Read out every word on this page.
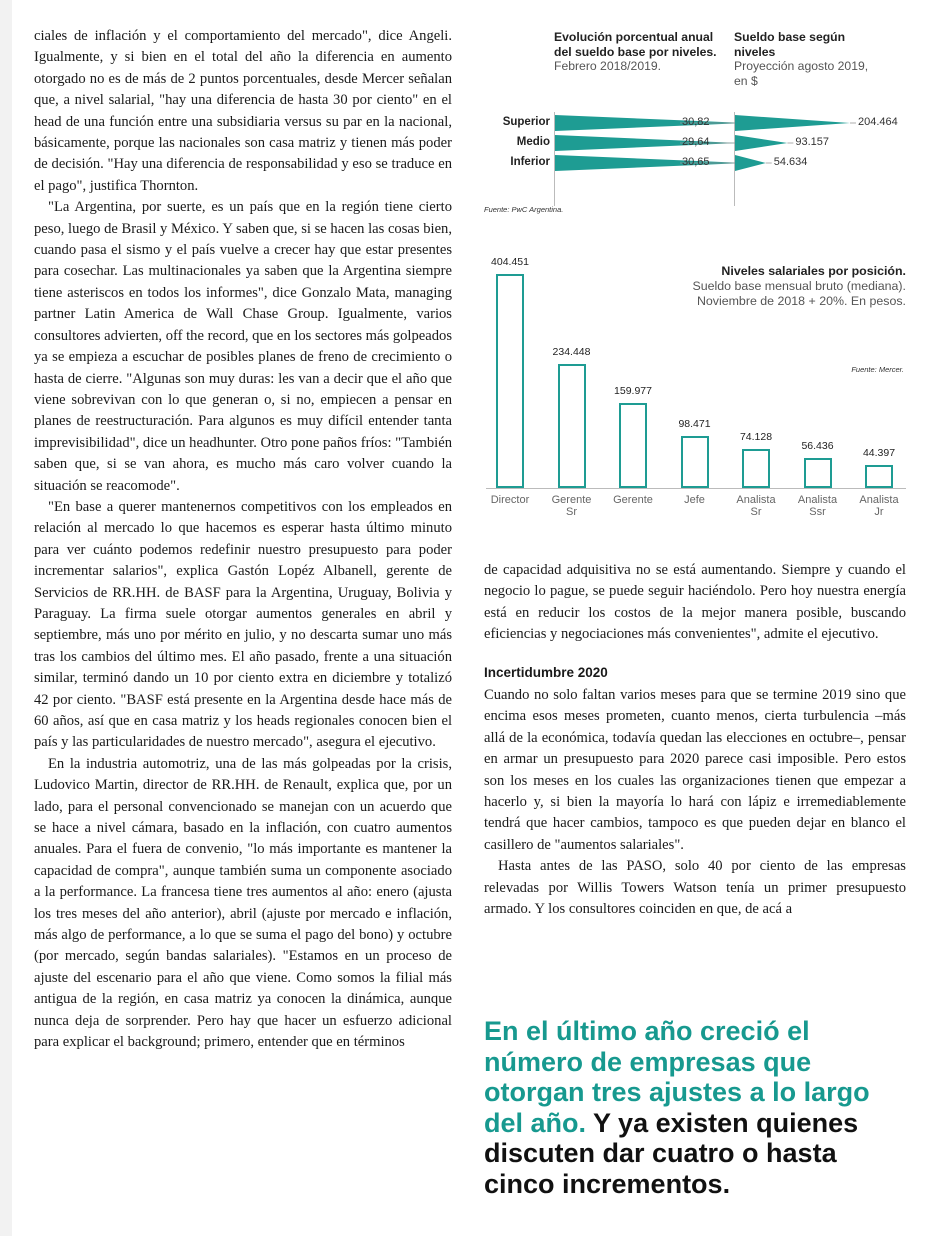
ciales de inflación y el comportamiento del mercado", dice Angeli. Igualmente, y si bien en el total del año la diferencia en aumento otorgado no es de más de 2 puntos porcentuales, desde Mercer señalan que, a nivel salarial, "hay una diferencia de hasta 30 por ciento" en el head de una función entre una subsidiaria versus su par en la nacional, básicamente, porque las nacionales son casa matriz y tienen más poder de decisión. "Hay una diferencia de responsabilidad y eso se traduce en el pago", justifica Thornton.

"La Argentina, por suerte, es un país que en la región tiene cierto peso, luego de Brasil y México. Y saben que, si se hacen las cosas bien, cuando pasa el sismo y el país vuelve a crecer hay que estar presentes para cosechar. Las multinacionales ya saben que la Argentina siempre tiene asteriscos en todos los informes", dice Gonzalo Mata, managing partner Latin America de Wall Chase Group. Igualmente, varios consultores advierten, off the record, que en los sectores más golpeados ya se empieza a escuchar de posibles planes de freno de crecimiento o hasta de cierre. "Algunas son muy duras: les van a decir que el año que viene sobrevivan con lo que generan o, si no, empiecen a pensar en planes de reestructuración. Para algunos es muy difícil entender tanta imprevisibilidad", dice un headhunter. Otro pone paños fríos: "También saben que, si se van ahora, es mucho más caro volver cuando la situación se reacomode".

"En base a querer mantenernos competitivos con los empleados en relación al mercado lo que hacemos es esperar hasta último minuto para ver cuánto podemos redefinir nuestro presupuesto para poder incrementar salarios", explica Gastón Lopéz Albanell, gerente de Servicios de RR.HH. de BASF para la Argentina, Uruguay, Bolivia y Paraguay. La firma suele otorgar aumentos generales en abril y septiembre, más uno por mérito en julio, y no descarta sumar uno más tras los cambios del último mes. El año pasado, frente a una situación similar, terminó dando un 10 por ciento extra en diciembre y totalizó 42 por ciento. "BASF está presente en la Argentina desde hace más de 60 años, así que en casa matriz y los heads regionales conocen bien el país y las particularidades de nuestro mercado", asegura el ejecutivo.

En la industria automotriz, una de las más golpeadas por la crisis, Ludovico Martin, director de RR.HH. de Renault, explica que, por un lado, para el personal convencionado se manejan con un acuerdo que se hace a nivel cámara, basado en la inflación, con cuatro aumentos anuales. Para el fuera de convenio, "lo más importante es mantener la capacidad de compra", aunque también suma un componente asociado a la performance. La francesa tiene tres aumentos al año: enero (ajusta los tres meses del año anterior), abril (ajuste por mercado e inflación, más algo de performance, a lo que se suma el pago del bono) y octubre (por mercado, según bandas salariales). "Estamos en un proceso de ajuste del escenario para el año que viene. Como somos la filial más antigua de la región, en casa matriz ya conocen la dinámica, aunque nunca deja de sorprender. Pero hay que hacer un esfuerzo adicional para explicar el background; primero, entender que en términos

Evolución porcentual anual del sueldo base por niveles.
Febrero 2018/2019.
Sueldo base según niveles
Proyección agosto 2019, en $
Superior
Medio
Inferior
30,82
29,64
30,65
204.464
93.157
54.634
Fuente: PwC Argentina.
Niveles salariales por posición.
Sueldo base mensual bruto (mediana). Noviembre de 2018 + 20%. En pesos.
Fuente: Mercer.
404.451
Director
234.448
Gerente
Sr
159.977
Gerente
98.471
Jefe
74.128
Analista
Sr
56.436
Analista
Ssr
44.397
Analista
Jr

de capacidad adquisitiva no se está aumentando. Siempre y cuando el negocio lo pague, se puede seguir haciéndolo. Pero hoy nuestra energía está en reducir los costos de la mejor manera posible, buscando eficiencias y negociaciones más convenientes", admite el ejecutivo.

Incertidumbre 2020

Cuando no solo faltan varios meses para que se termine 2019 sino que encima esos meses prometen, cuanto menos, cierta turbulencia –más allá de la económica, todavía quedan las elecciones en octubre–, pensar en armar un presupuesto para 2020 parece casi imposible. Pero estos son los meses en los cuales las organizaciones tienen que empezar a hacerlo y, si bien la mayoría lo hará con lápiz e irremediablemente tendrá que hacer cambios, tampoco es que pueden dejar en blanco el casillero de "aumentos salariales".

Hasta antes de las PASO, solo 40 por ciento de las empresas relevadas por Willis Towers Watson tenía un primer presupuesto armado. Y los consultores coinciden en que, de acá a

En el último año creció el número de empresas que otorgan tres ajustes a lo largo del año. Y ya existen quienes discuten dar cuatro o hasta cinco incrementos.
